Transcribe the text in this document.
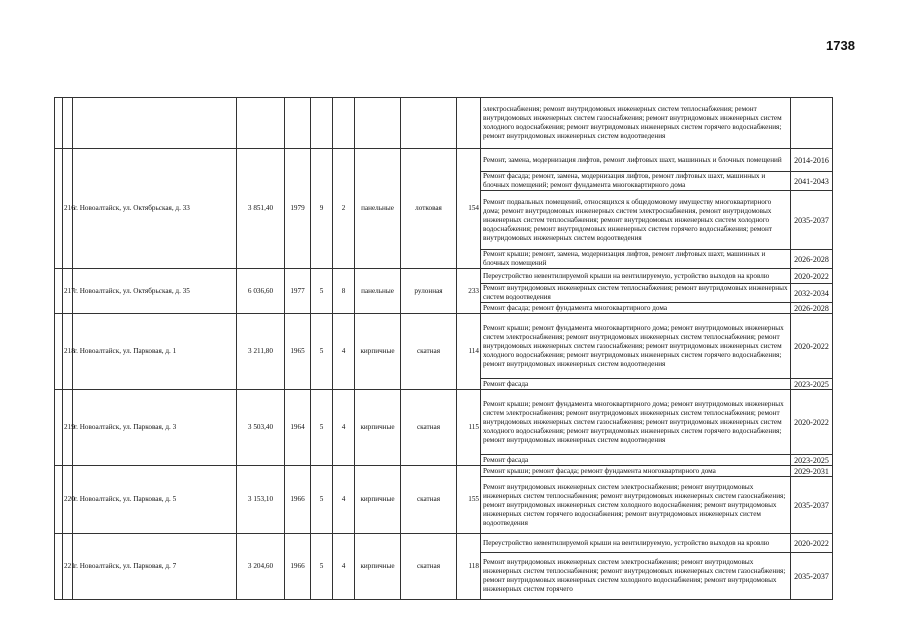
1738
										электроснабжения; ремонт внутридомовых инженерных систем теплоснабжения; ремонт внутридомовых инженерных систем газоснабжения; ремонт внутридомовых инженерных систем холодного водоснабжения; ремонт внутридомовых инженерных систем горячего водоснабжения; ремонт внутридомовых инженерных систем водоотведения	
	216	г. Новоалтайск, ул. Октябрьская, д. 33	3 851,40	1979	9	2	панельные	лотковая	154	Ремонт, замена, модернизация лифтов, ремонт лифтовых шахт, машинных и блочных помещений	2014-2016
										Ремонт фасада; ремонт, замена, модернизация лифтов, ремонт лифтовых шахт, машинных и блочных помещений; ремонт фундамента многоквартирного дома	2041-2043
										Ремонт подвальных помещений, относящихся к общедомовому имуществу многоквартирного дома; ремонт внутридомовых инженерных систем электроснабжения, ремонт внутридомовых инженерных систем теплоснабжения; ремонт внутридомовых инженерных систем холодного водоснабжения; ремонт внутридомовых инженерных систем горячего водоснабжения; ремонт внутридомовых инженерных систем водоотведения	2035-2037
										Ремонт крыши; ремонт, замена, модернизация лифтов, ремонт лифтовых шахт, машинных и блочных помещений	2026-2028
	217	г. Новоалтайск, ул. Октябрьская, д. 35	6 036,60	1977	5	8	панельные	рулонная	233	Переустройство невентилируемой крыши на вентилируемую, устройство выходов на кровлю	2020-2022
										Ремонт внутридомовых инженерных систем теплоснабжения; ремонт внутридомовых инженерных систем водоотведения	2032-2034
										Ремонт фасада; ремонт фундамента многоквартирного дома	2026-2028
	218	г. Новоалтайск, ул. Парковая, д. 1	3 211,80	1965	5	4	кирпичные	скатная	114	Ремонт крыши; ремонт фундамента многоквартирного дома; ремонт внутридомовых инженерных систем электроснабжения; ремонт внутридомовых инженерных систем теплоснабжения; ремонт внутридомовых инженерных систем газоснабжения; ремонт внутридомовых инженерных систем холодного водоснабжения; ремонт внутридомовых инженерных систем горячего водоснабжения; ремонт внутридомовых инженерных систем водоотведения	2020-2022
										Ремонт фасада	2023-2025
	219	г. Новоалтайск, ул. Парковая, д. 3	3 503,40	1964	5	4	кирпичные	скатная	115	Ремонт крыши; ремонт фундамента многоквартирного дома; ремонт внутридомовых инженерных систем электроснабжения; ремонт внутридомовых инженерных систем теплоснабжения; ремонт внутридомовых инженерных систем газоснабжения; ремонт внутридомовых инженерных систем холодного водоснабжения; ремонт внутридомовых инженерных систем горячего водоснабжения; ремонт внутридомовых инженерных систем водоотведения	2020-2022
										Ремонт фасада	2023-2025
	220	г. Новоалтайск, ул. Парковая, д. 5	3 153,10	1966	5	4	кирпичные	скатная	155	Ремонт крыши; ремонт фасада; ремонт фундамента многоквартирного дома	2029-2031
										Ремонт внутридомовых инженерных систем электроснабжения; ремонт внутридомовых инженерных систем теплоснабжения; ремонт внутридомовых инженерных систем газоснабжения; ремонт внутридомовых инженерных систем холодного водоснабжения; ремонт внутридомовых инженерных систем горячего водоснабжения; ремонт внутридомовых инженерных систем водоотведения	2035-2037
	221	г. Новоалтайск, ул. Парковая, д. 7	3 204,60	1966	5	4	кирпичные	скатная	118	Переустройство невентилируемой крыши на вентилируемую, устройство выходов на кровлю	2020-2022
										Ремонт внутридомовых инженерных систем электроснабжения; ремонт внутридомовых инженерных систем теплоснабжения; ремонт внутридомовых инженерных систем газоснабжения; ремонт внутридомовых инженерных систем холодного водоснабжения; ремонт внутридомовых инженерных систем горячего	2035-2037
